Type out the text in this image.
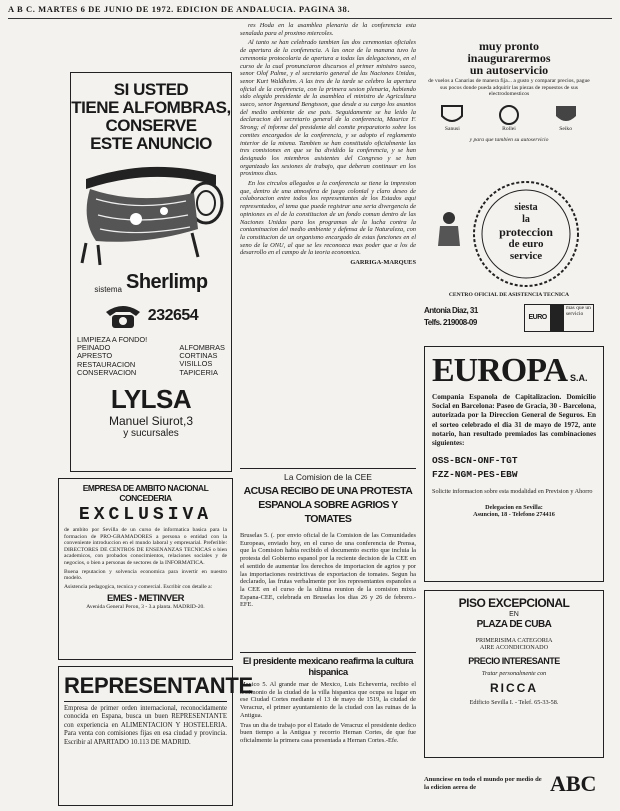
A B C. MARTES 6 DE JUNIO DE 1972. EDICION DE ANDALUCIA. PAGINA 38.
SI USTED
TIENE ALFOMBRAS,
CONSERVE
ESTE ANUNCIO
sistema Sherlimp
232654
LIMPIEZA A FONDO!
PEINADO
APRESTO
RESTAURACION
CONSERVACION
ALFOMBRAS
CORTINAS
VISILLOS
TAPICERIA
LYLSA
Manuel Siurot,3
y sucursales
EMPRESA DE AMBITO NACIONAL
CONCEDERIA
EXCLUSIVA
de ambito por Sevilla de un curso de informatica basica para la formacion de PRO-GRAMADORES a persona o entidad con la conveniente introduccion en el mundo laboral y empresarial. Preferible: DIRECTORES DE CENTROS DE ENSENANZAS TECNICAS o bien academicos, con probados conocimientos, relaciones sociales y de negocios, o bien a personas de sectores de la INFORMATICA.
Buena reputacion y solvencia economica para invertir en nuestro modelo.
Asistencia pedagogica, tecnica y comercial. Escribir con detalle a:
EMES - METINVER
Avenida General Peron, 3 - 3.a planta. MADRID-20.
REPRESENTANTE
Empresa de primer orden internacional, reconocidamente conocida en Espana, busca un buen REPRESENTANTE con experiencia en ALIMENTACION Y HOSTELERIA. Para venta con comisiones fijas en esa ciudad y provincia. Escribir al APARTADO 10.113 DE MADRID.

res Hoda en la asamblea plenaria de la conferencia esta senalada para el proximo miercoles.

Al tanto se han celebrado tambien las dos ceremonias oficiales de apertura de la conferencia. A las once de la manana tuvo la ceremonia protocolaria de apertura a todas las delegaciones, en el curso de la cual pronunciaron discursos el primer ministro sueco, senor Olof Palme, y el secretario general de las Naciones Unidas, senor Kurt Waldheim. A las tres de la tarde se celebro la apertura oficial de la conferencia, con la primera sesion plenaria, habiendo sido elegido presidente de la asamblea el ministro de Agricultura sueco, senor Ingemund Bengtsson, que desde a su cargo los asuntos del medio ambiente de ese pais. Seguidamente se ha leido la declaracion del secretario general de la conferencia, Maurice F. Strong; el informe del presidente del comite preparatorio sobre los comites encargados de la conferencia, y se adopto el reglamento interior de la misma. Tambien se han constituido oficialmente las tres comisiones en que se ha dividido la conferencia, y se han designado los miembros asistentes del Congreso y se han organizado las sesiones de trabajo, que deberan continuar en los proximos dias.

En los circulos allegados a la conferencia se tiene la impresion que, dentro de una atmosfera de juego colonial y claro deseo de colaboracion entre todos los representantes de los Estados aqui representados, el tema que puede registrar una seria divergencia de opiniones es el de la constitucion de un fondo comun dentro de las Naciones Unidas para los programas de la lucha contra la contaminacion del medio ambiente y defensa de la Naturaleza, con la constitucion de un organismo encargado de estas funciones en el seno de la ONU, al que se les reconozca mas poder que a los de desarrollo en el campo de la teoria economica.

GARRIGA-MARQUES

La Comision de la CEE
ACUSA RECIBO DE UNA PROTESTA ESPANOLA SOBRE AGRIOS Y TOMATES
Bruselas 5. (. por envio oficial de la Comision de las Comunidades Europeas, enviado hoy, en el curso de una conferencia de Prensa, que la Comision habia recibido el documento escrito que incluia la protesta del Gobierno espanol por la reciente decision de la CEE en el sentido de aumentar los derechos de importacion de agrios y por las importaciones restrictivas de exportacion de tomates. Segun ha declarado, las frutas verbalmente por los representantes espanoles a la CEE en el curso de la ultima reunion de la comision mixta Espana-CEE, celebrada en Bruselas los dias 26 y 26 de febrero.-EFE.
El presidente mexicano reafirma la cultura hispanica
Mexico 5. Al grande mar de Mexico, Luis Echeverria, recibio el testimonio de la ciudad de la villa hispanica que ocupa su lugar en ese Ciudad Cortes mediante el 13 de mayo de 1519, la ciudad de Veracruz, el primer ayuntamiento de la ciudad con las ruinas de la Antigua.
Tras un dia de trabajo por el Estado de Veracruz el presidente dedico buen tiempo a la Antigua y recorrio Hernan Cortes, de que fue oficialmente la primera casa presentada a Hernan Cortes.-Efe.
muy pronto
inaugurarermos
un autoservicio
de vuelos a Canarias de manera fija... a gusto y comparar precios, pague sus pocos donde pueda adquirir las piezas de repuestos de sus electrodomesticos
Sanusi	Rollei	Seiko
y para que tambien su autoservicio
siesta
la
proteccion
de euro
service
CENTRO OFICIAL DE ASISTENCIA TECNICA
Antonia Diaz, 31
Telfs. 219008-09
EURO
mas que un servicio
EUROPA S.A.
Compania Espanola de Capitalizacion. Domicilio Social en Barcelona: Paseo de Gracia, 30 - Barcelona, autorizada por la Direccion General de Seguros. En el sorteo celebrado el dia 31 de mayo de 1972, ante notario, han resultado premiados las combinaciones siguientes:
OSS-BCN-ONF-TGT
FZZ-NGM-PES-EBW
Solicite informacion sobre esta modalidad en Prevision y Ahorro
Delegacion en Sevilla:
Asuncion, 18 - Telefono 274416
PISO EXCEPCIONAL
EN
PLAZA DE CUBA
PRIMERISIMA CATEGORIA
AIRE ACONDICIONADO
PRECIO INTERESANTE
Tratar personalmente con
RICCA
Edificio Sevilla I. - Telef. 65-33-58.
Anunciese en todo el mundo por medio de la edicion aerea de	ABC
